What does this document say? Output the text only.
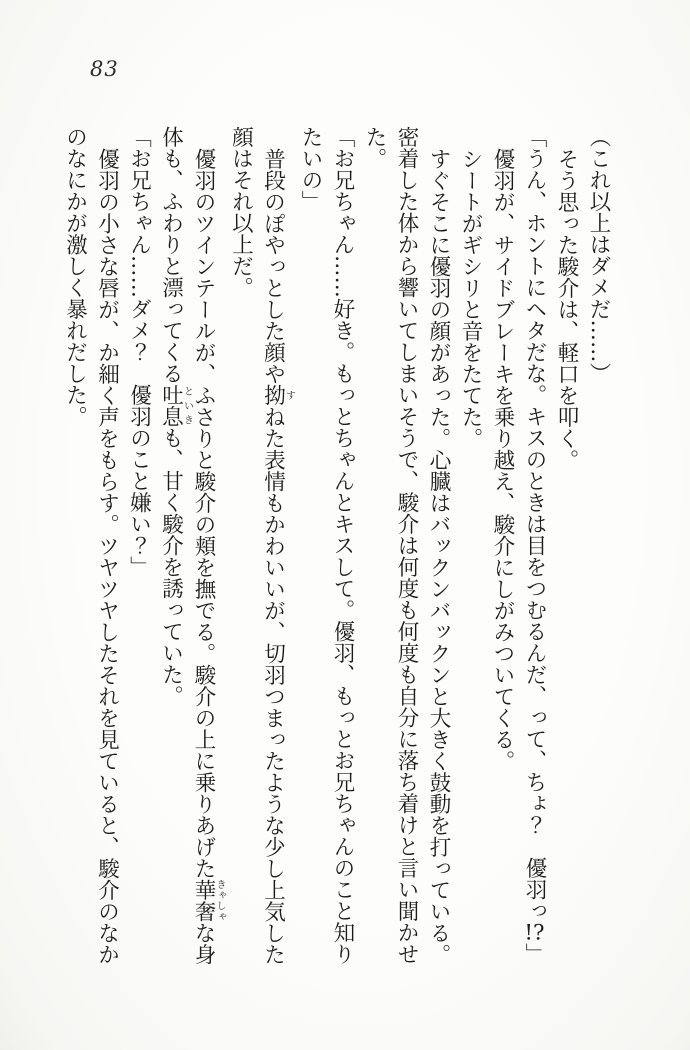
83

（これ以上はダメだ……）

そう思った駿介は、軽口を叩く。

「うん、ホントにヘタだな。キスのときは目をつむるんだ、って、ちょ？　優羽っ!?」

優羽が、サイドブレーキを乗り越え、駿介にしがみついてくる。

シートがギシリと音をたてた。

すぐそこに優羽の顔があった。心臓はバックンバックンと大きく鼓動を打っている。密着した体から響いてしまいそうで、駿介は何度も何度も自分に落ち着けと言い聞かせた。

「お兄ちゃん……好き。もっとちゃんとキスして。優羽、もっとお兄ちゃんのこと知りたいの」

普段のぽやっとした顔や拗すねた表情もかわいいが、切羽つまったような少し上気した顔はそれ以上だ。

優羽のツインテールが、ふさりと駿介の頬を撫でる。駿介の上に乗りあげた華奢きゃしゃな身体も、ふわりと漂ってくる吐息といきも、甘く駿介を誘っていた。

「お兄ちゃん……ダメ？　優羽のこと嫌い？」

優羽の小さな唇が、か細く声をもらす。ツヤツヤしたそれを見ていると、駿介のなかのなにかが激しく暴れだした。
